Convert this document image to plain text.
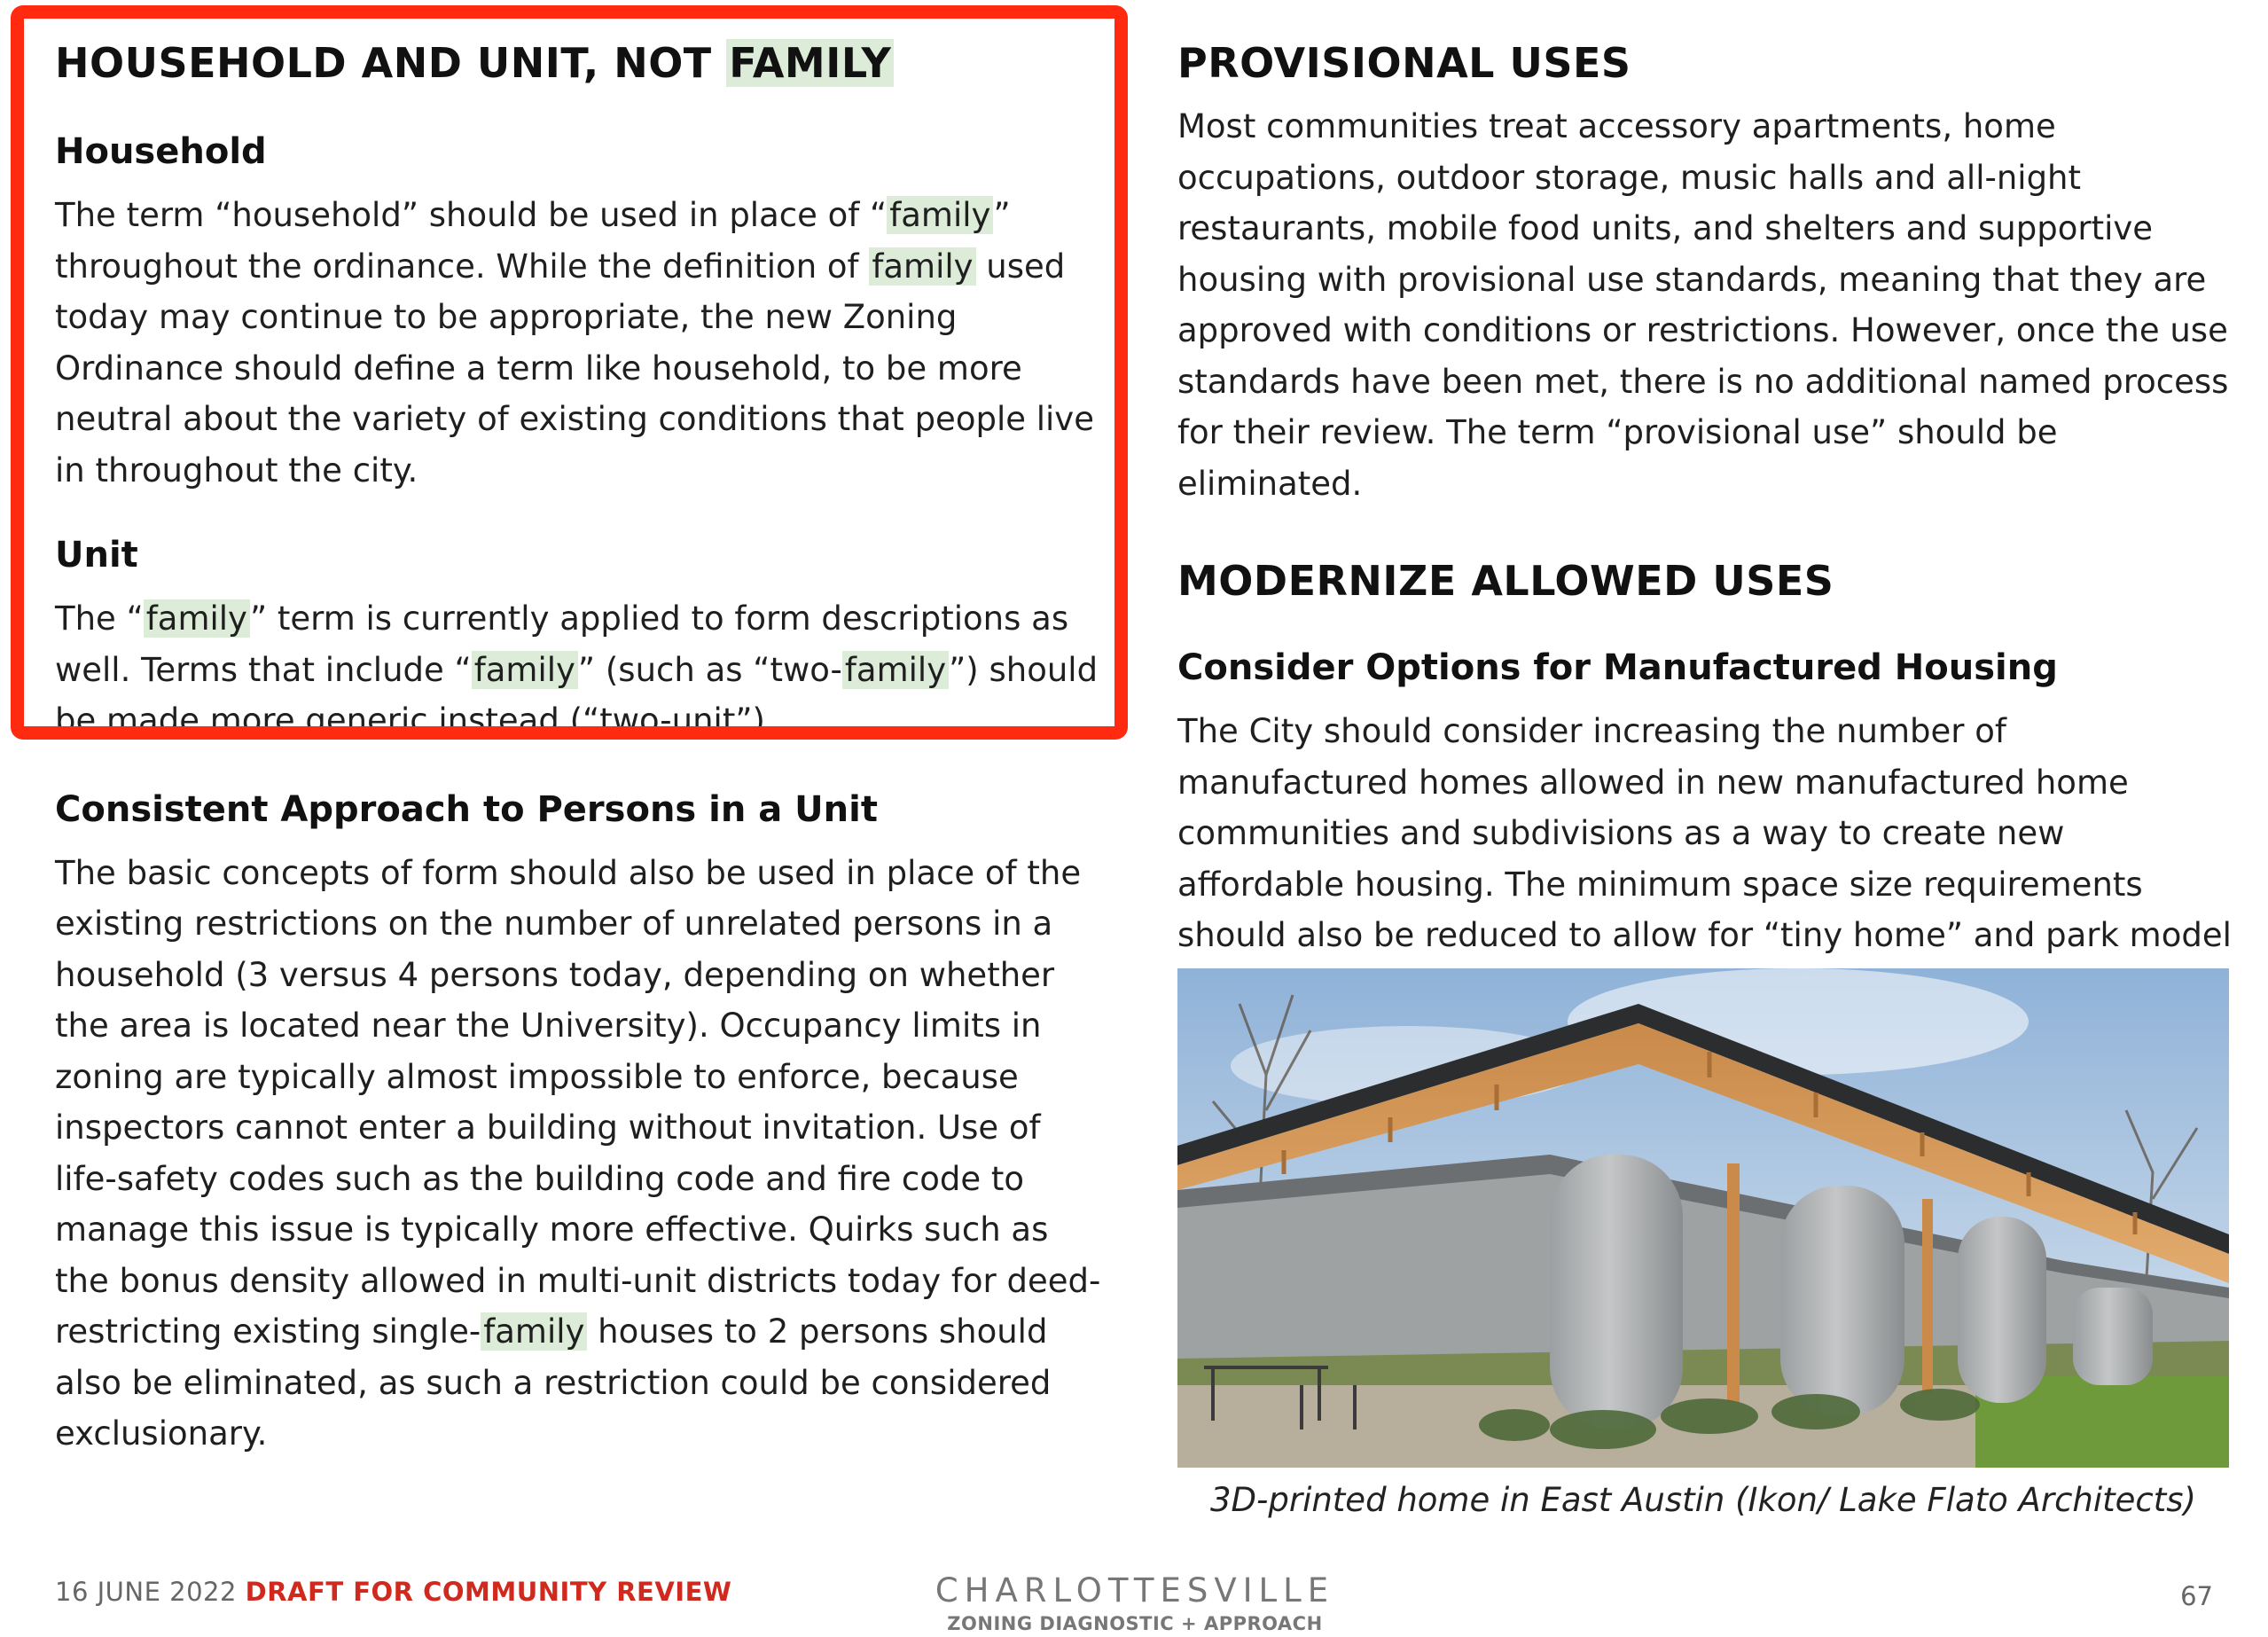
HOUSEHOLD AND UNIT, NOT FAMILY
Household

The term “household” should be used in place of “family”
throughout the ordinance. While the definition of family used today may continue to be appropriate, the new Zoning Ordinance should define a term like household, to be more neutral about the variety of existing conditions that people live in throughout the city.

Unit

The “family” term is currently applied to form descriptions as well. Terms that include “family” (such as “two-family”) should be made more generic instead (“two-unit”).

Consistent Approach to Persons in a Unit

The basic concepts of form should also be used in place of the existing restrictions on the number of unrelated persons in a household (3 versus 4 persons today, depending on whether the area is located near the University). Occupancy limits in zoning are typically almost impossible to enforce, because inspectors cannot enter a building without invitation. Use of life-safety codes such as the building code and fire code to manage this issue is typically more effective. Quirks such as the bonus density allowed in multi-unit districts today for deed-restricting existing single-family houses to 2 persons should also be eliminated, as such a restriction could be considered exclusionary.

PROVISIONAL USES

Most communities treat accessory apartments, home occupations, outdoor storage, music halls and all-night restaurants, mobile food units, and shelters and supportive housing with provisional use standards, meaning that they are approved with conditions or restrictions. However, once the use standards have been met, there is no additional named process for their review. The term “provisional use” should be eliminated.

MODERNIZE ALLOWED USES
Consider Options for Manufactured Housing

The City should consider increasing the number of manufactured homes allowed in new manufactured home communities and subdivisions as a way to create new affordable housing. The minimum space size requirements should also be reduced to allow for “tiny home” and park model

3D-printed home in East Austin (Ikon/ Lake Flato Architects)
16 JUNE 2022 DRAFT FOR COMMUNITY REVIEW	CHARLOTTESVILLE
ZONING DIAGNOSTIC + APPROACH
67
